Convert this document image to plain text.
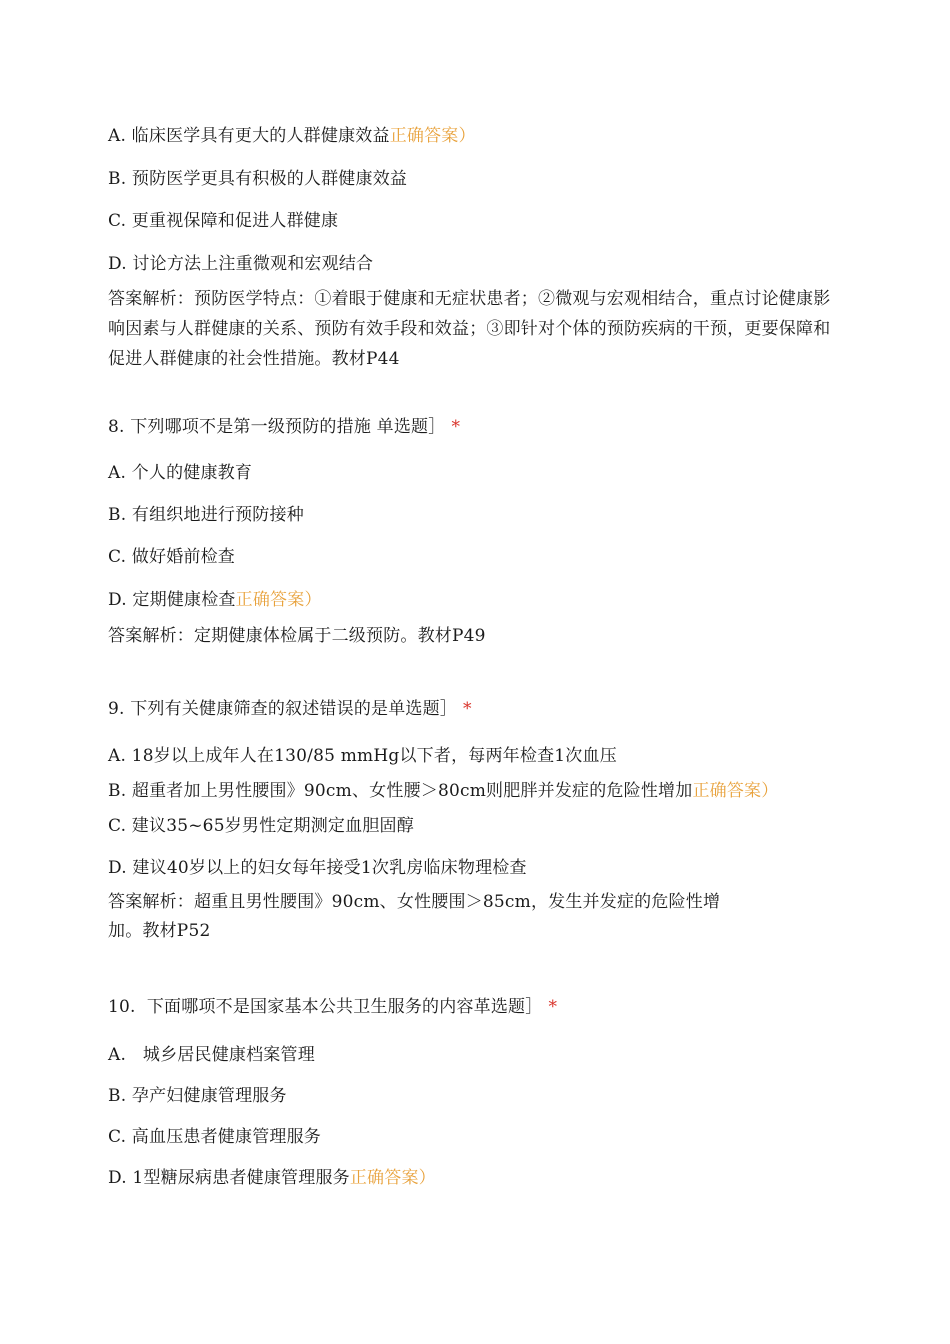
A. 临床医学具有更大的人群健康效益正确答案）
B. 预防医学更具有积极的人群健康效益
C. 更重视保障和促进人群健康
D. 讨论方法上注重微观和宏观结合
答案解析：预防医学特点：①着眼于健康和无症状患者；②微观与宏观相结合，重点讨论健康影响因素与人群健康的关系、预防有效手段和效益；③即针对个体的预防疾病的干预，更要保障和促进人群健康的社会性措施。教材P44
8. 下列哪项不是第一级预防的措施 单选题］ *
A. 个人的健康教育
B. 有组织地进行预防接种
C. 做好婚前检查
D. 定期健康检查正确答案）
答案解析：定期健康体检属于二级预防。教材P49
9. 下列有关健康筛查的叙述错误的是单选题］ *
A. 18岁以上成年人在130/85 mmHg以下者，每两年检查1次血压
B. 超重者加上男性腰围》90cm、女性腰＞80cm则肥胖并发症的危险性增加正确答案）
C. 建议35~65岁男性定期测定血胆固醇
D. 建议40岁以上的妇女每年接受1次乳房临床物理检查
答案解析：超重且男性腰围》90cm、女性腰围＞85cm，发生并发症的危险性增
加。教材P52
10.  下面哪项不是国家基本公共卫生服务的内容革选题］ *
A.   城乡居民健康档案管理
B. 孕产妇健康管理服务
C. 高血压患者健康管理服务
D. 1型糖尿病患者健康管理服务正确答案）
